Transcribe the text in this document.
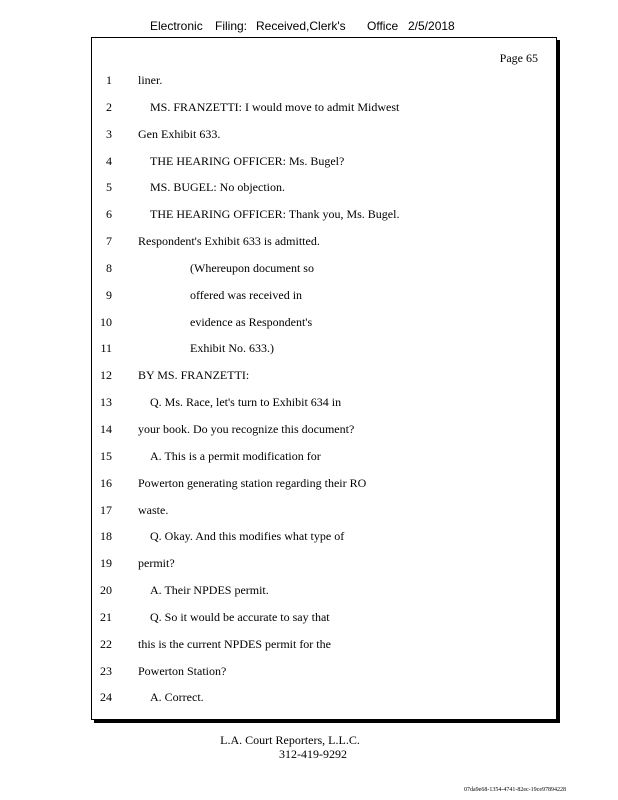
Electronic Filing: Received,Clerk's Office 2/5/2018
Page 65
1 liner.
2	MS. FRANZETTI: I would move to admit Midwest
3 Gen Exhibit 633.
4	THE HEARING OFFICER: Ms. Bugel?
5	MS. BUGEL: No objection.
6	THE HEARING OFFICER: Thank you, Ms. Bugel.
7 Respondent's Exhibit 633 is admitted.
8	(Whereupon document so
9	offered was received in
10	evidence as Respondent's
11	Exhibit No. 633.)
12 BY MS. FRANZETTI:
13	Q. Ms. Race, let's turn to Exhibit 634 in
14 your book. Do you recognize this document?
15	A. This is a permit modification for
16 Powerton generating station regarding their RO
17 waste.
18	Q. Okay. And this modifies what type of
19 permit?
20	A. Their NPDES permit.
21	Q. So it would be accurate to say that
22 this is the current NPDES permit for the
23 Powerton Station?
24	A. Correct.
L.A. Court Reporters, L.L.C.
312-419-9292
07da9e68-1354-4741-82ec-19ce97894228
